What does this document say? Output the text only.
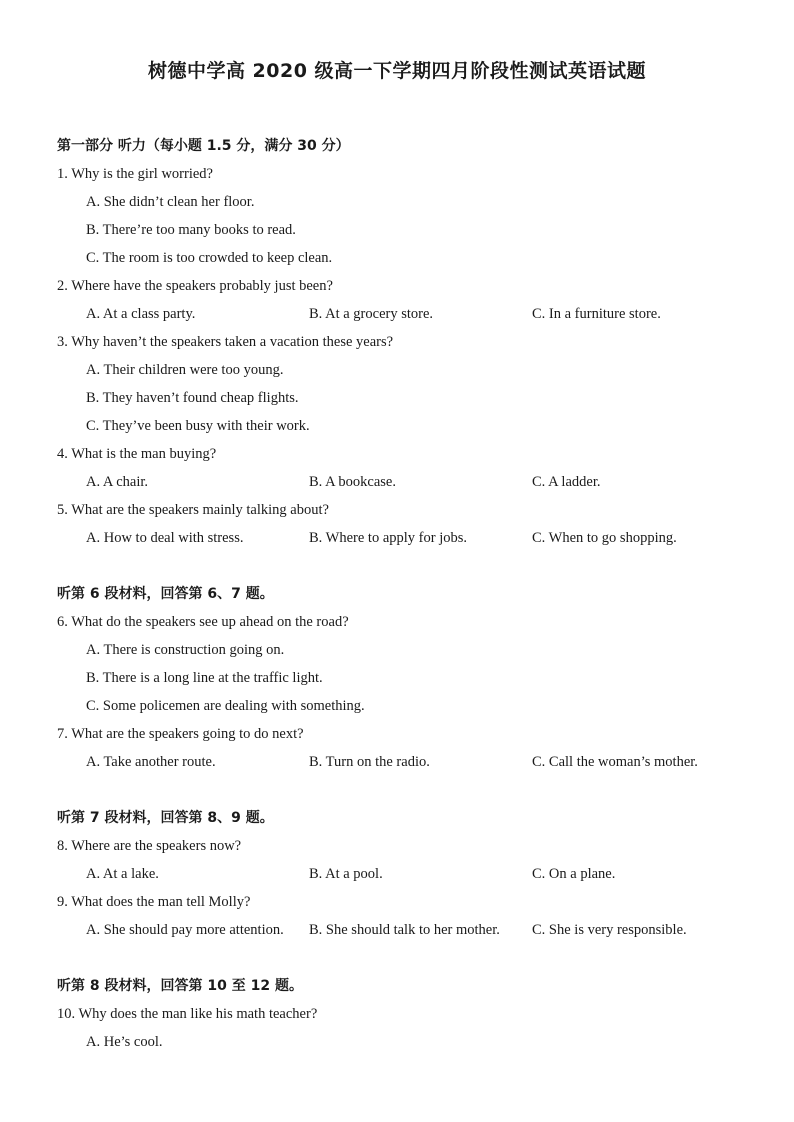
树德中学高 2020 级高一下学期四月阶段性测试英语试题
第一部分 听力（每小题 1.5 分，满分 30 分）
1. Why is the girl worried?
A. She didn’t clean her floor.
B. There’re too many books to read.
C. The room is too crowded to keep clean.
2. Where have the speakers probably just been?
A. At a class party.	B. At a grocery store.	C. In a furniture store.
3. Why haven’t the speakers taken a vacation these years?
A. Their children were too young.
B. They haven’t found cheap flights.
C. They’ve been busy with their work.
4. What is the man buying?
A. A chair.	B. A bookcase.	C. A ladder.
5. What are the speakers mainly talking about?
A. How to deal with stress.	B. Where to apply for jobs.	C. When to go shopping.
听第 6 段材料，回答第 6、7 题。
6. What do the speakers see up ahead on the road?
A. There is construction going on.
B. There is a long line at the traffic light.
C. Some policemen are dealing with something.
7. What are the speakers going to do next?
A. Take another route.	B. Turn on the radio.	C. Call the woman’s mother.
听第 7 段材料，回答第 8、9 题。
8. Where are the speakers now?
A. At a lake.	B. At a pool.	C. On a plane.
9. What does the man tell Molly?
A. She should pay more attention. B. She should talk to her mother. C. She is very responsible.
听第 8 段材料，回答第 10 至 12 题。
10. Why does the man like his math teacher?
A. He’s cool.
